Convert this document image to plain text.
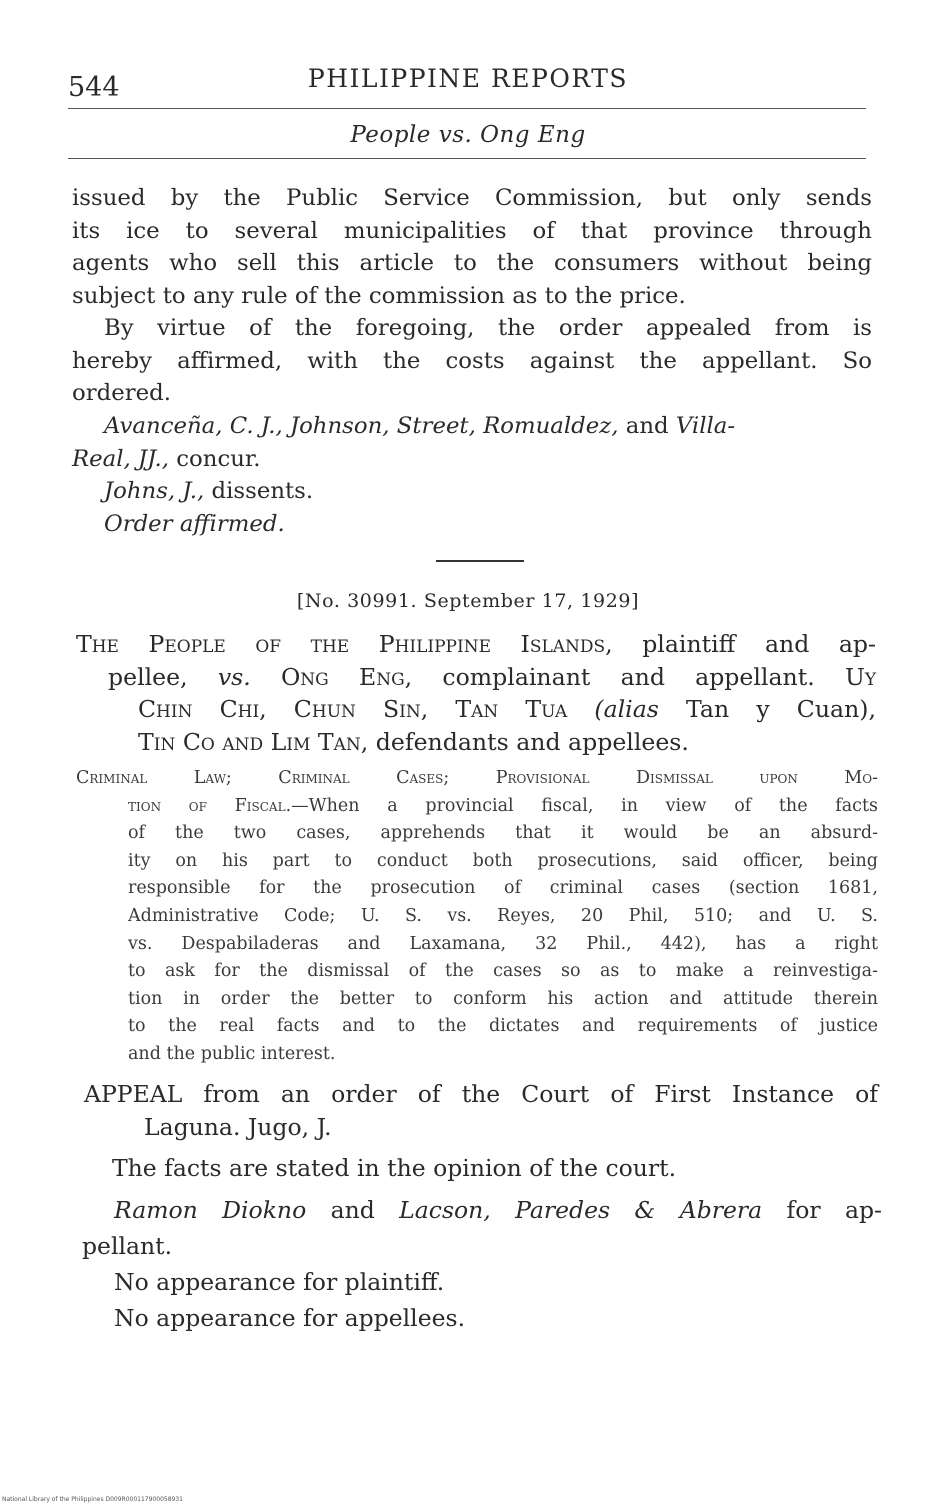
544	PHILIPPINE REPORTS
People vs. Ong Eng
issued by the Public Service Commission, but only sends
its ice to several municipalities of that province through
agents who sell this article to the consumers without being
subject to any rule of the commission as to the price.
By virtue of the foregoing, the order appealed from is
hereby affirmed, with the costs against the appellant. So
ordered.
Avanceña, C. J., Johnson, Street, Romualdez, and Villa-
Real, JJ., concur.
Johns, J., dissents.
Order affirmed.
[No. 30991. September 17, 1929]
The People of the Philippine Islands, plaintiff and ap-
pellee, vs. Ong Eng, complainant and appellant. Uy
Chin Chi, Chun Sin, Tan Tua (alias Tan y Cuan),
Tin Co and Lim Tan, defendants and appellees.
Criminal Law; Criminal Cases; Provisional Dismissal upon Mo-
tion of Fiscal.—When a provincial fiscal, in view of the facts
of the two cases, apprehends that it would be an absurd-
ity on his part to conduct both prosecutions, said officer, being
responsible for the prosecution of criminal cases (section 1681,
Administrative Code; U. S. vs. Reyes, 20 Phil, 510; and U. S.
vs. Despabiladeras and Laxamana, 32 Phil., 442), has a right
to ask for the dismissal of the cases so as to make a reinvestiga-
tion in order the better to conform his action and attitude therein
to the real facts and to the dictates and requirements of justice
and the public interest.
APPEAL from an order of the Court of First Instance of
Laguna. Jugo, J.
The facts are stated in the opinion of the court.
Ramon Diokno and Lacson, Paredes & Abrera for ap-
pellant.
No appearance for plaintiff.
No appearance for appellees.
National Library of the Philippines D009R000117900058931
